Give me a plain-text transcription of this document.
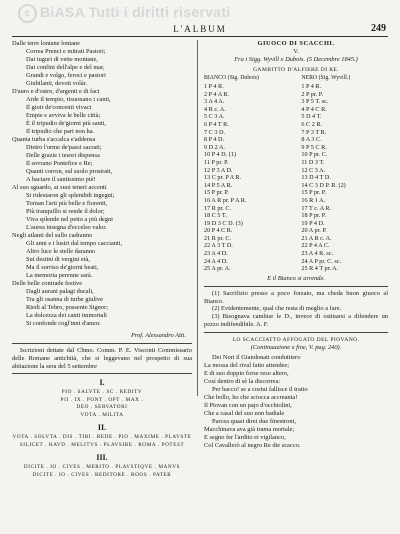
c BiASA Tutti i diritti riservati
L'ALBUM	249
Dalle terre lontane lontane
Correa Prenci e mitrati Pastori;
Dai tuguri di vette montane,
Dai confini dell'alpe e del mar,
Grandi e volgo, feroci e pastori
Giubilanti, devoti volàr.
D'auro e d'ostro, d'argenti e di faci
Arde il tempio, risuonano i canti,
Il gioir de'concenti vivaci
Empie e avviva le belle città;
È il tripudio de'giorni più santi,
Il tripudio che pari non ha.
Quanta turba s'accalca e'addensa
Dietro l'orme de'passi sacrati;
Delle grazie i tesori dispensa
Il sovrano Pontefice e Re;
Quanti corron, sul suolo prostrati,
A baciare il santissimo piè!
Al suo sguardo, ai suoi teneri accenti
Si ridestaron gli splendidi ingegni;
Tornan l'arti più belle e fiorenti,
Più tranquillo si rende il dolor;
Viva splende nel petto a più degni
L'aurea insegna d'eccelso valor.
Negli atlanti del sullo cadranno
Gli anni e i lustri dal tempo caccianti,
Altro luce le stelle daranno
Sui destini di vergini età,
Ma il sorriso de'giorni beati,
La memoria perenne sarà.
Delle belle contrade festive
Dagli aurani palagi ducali,
Tra gli osanna di turbe giulive
Riedi al Tebro, possente Signor;
La dolcezza dei canti immortali
Si confonde cogl'inni d'amor.
Prof. Alessandro Atti.
Iscrizioni dettate dal Chmo. Comm. P. E. Visconti Commissario delle Romane antichità, che si leggevano nel prospetto di sua abitazione la sera del 5 settembre
I.
PIO . SALVTE . SC . REDITV
PII . IX . PONT . OPT . MAX .
DEO . SERVATORI
VOTA . MILITA
II.
VOTA . SOLVTA . DIS . TIBI . REDE . PIO . MAXIME . PLAVSTE
SILICET . HAVD . MELITVS . PLAVSIBE . ROMA . POTEST
III.
DICITE . IO . CIVES . MERITO . PLAVSTIQVE . MANVS
DICITE . IO . CIVES . REDITORE . ROOS . PATER
GIUOCO DI SCACCHI.
V.
Fra i Sigg. Wyvill e Dubois. (5 Decembre 1845.)
GAMBITTO D'ALFIERE DI RE.
BIANCO (Sig. Dubois)	NERO (Sig. Wyvill.)
1 P 4 R.	1 P 4 R.
2 P 4 A R.	2 P pr. P.
3 A 4 A.	3 P 5 T. sc.
4 R c. A.	4 P 4 C R.
5 C 3 A.	5 D 4 T.
6 P 4 T R.	6 C 2 R.
7 C 3 D.	7 P 3 T R.
8 P 4 D.	8 A 3 C.
9 D 2 A.	9 P 5 C R.
10 P 4 D. (1)	10 P pr. C.
11 P pr. P.	11 D 3 T.
12 P 3 A D.	12 C 3 A.
13 C pr. P A R.	13 D 4 T D.
14 P 5 A R.	14 C 3 D P. R. (2)
15 P pr. P.	15 P pr. P.
16 A R pr. P A R.	16 R 1 A.
17 R pr. C.	17 T c. A R.
18 C 5 T.	18 P pr. P.
19 D 3 C D. (3)	19 P 4 D.
20 P 4 C R.	20 A pr. P.
21 R pr. C.	21 A R c. A.
22 A 3 T D.	22 P 4 A C.
23 A 4 D.	23 A 4 R. sc.
24 A 4 D.	24 A P pr. C. sc.
25 A pr. A.	25 R 4 T pr. A.
E il Bianco si arrende.
(1) Sacrifizio presso a poco forzato, ma cheda buon giuoco al Bianco.
(2) Evidentemente, qual che resta di meglio a fare.
(3) Bisognava cambiar le D., invece di ostinarsi a difendere un pezzo indifendibile. A. F.
LO SCACCIATTO AFFOGATO DEL PIOVANO.
(Continuazione e fine, V. pag. 240).
Dei Nori il Giandonati conduttiero
La mossa del rival fatto attendee;
E di suo doppio forse reso altero,
Così dentro di sè la discorrea:
Per bacco! se a costui fallisce il tratto
Che bollo, ho che sciocca accreanta!
Il Piovan con un pajo d'occhiolini,
Che a casal del suo non badiale
Parcea quasi direi due finestroni,
Macchinava ava già trama mortale;
E segno fer l'ardito ei vigilanco,
Col Cavallerò al negro Re die scacco.
